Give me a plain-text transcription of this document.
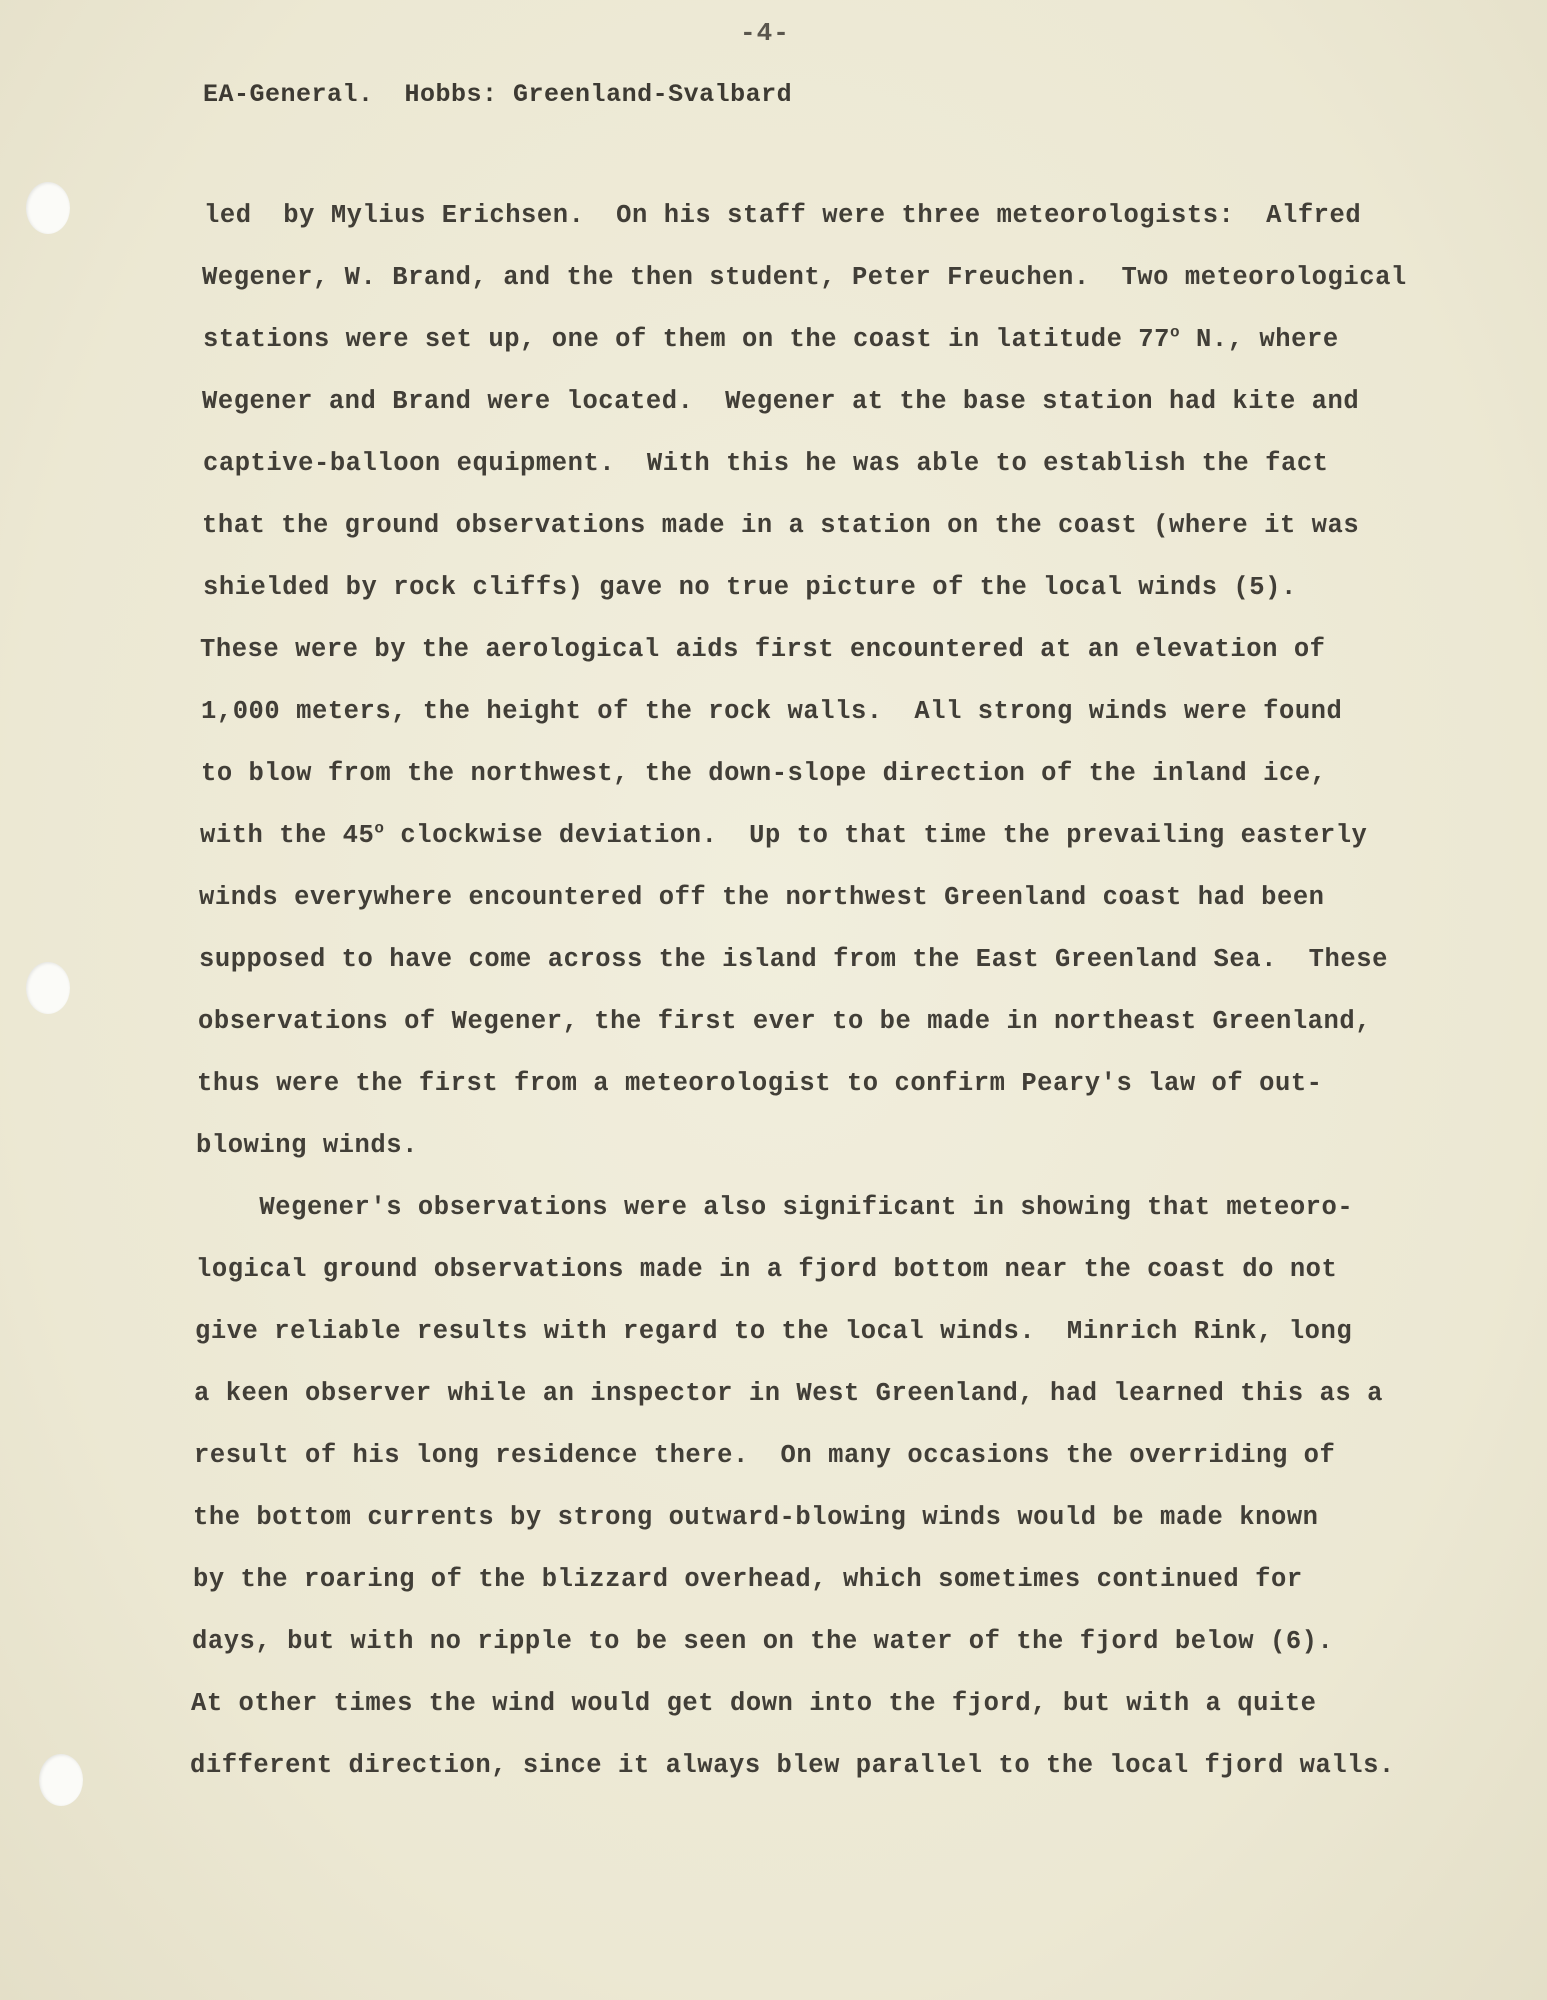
-4-
EA-General.  Hobbs: Greenland-Svalbard
led  by Mylius Erichsen.  On his staff were three meteorologists:  Alfred
Wegener, W. Brand, and the then student, Peter Freuchen.  Two meteorological
stations were set up, one of them on the coast in latitude 77$^o$ N., where
Wegener and Brand were located.  Wegener at the base station had kite and
captive-balloon equipment.  With this he was able to establish the fact
that the ground observations made in a station on the coast (where it was
shielded by rock cliffs) gave no true picture of the local winds (5).
These were by the aerological aids first encountered at an elevation of
1,000 meters, the height of the rock walls.  All strong winds were found
to blow from the northwest, the down-slope direction of the inland ice,
with the 45$^o$ clockwise deviation.  Up to that time the prevailing easterly
winds everywhere encountered off the northwest Greenland coast had been
supposed to have come across the island from the East Greenland Sea.  These
observations of Wegener, the first ever to be made in northeast Greenland,
thus were the first from a meteorologist to confirm Peary's law of out-
blowing winds.
Wegener's observations were also significant in showing that meteoro-
logical ground observations made in a fjord bottom near the coast do not
give reliable results with regard to the local winds.  Minrich Rink, long
a keen observer while an inspector in West Greenland, had learned this as a
result of his long residence there.  On many occasions the overriding of
the bottom currents by strong outward-blowing winds would be made known
by the roaring of the blizzard overhead, which sometimes continued for
days, but with no ripple to be seen on the water of the fjord below (6).
At other times the wind would get down into the fjord, but with a quite
different direction, since it always blew parallel to the local fjord walls.
